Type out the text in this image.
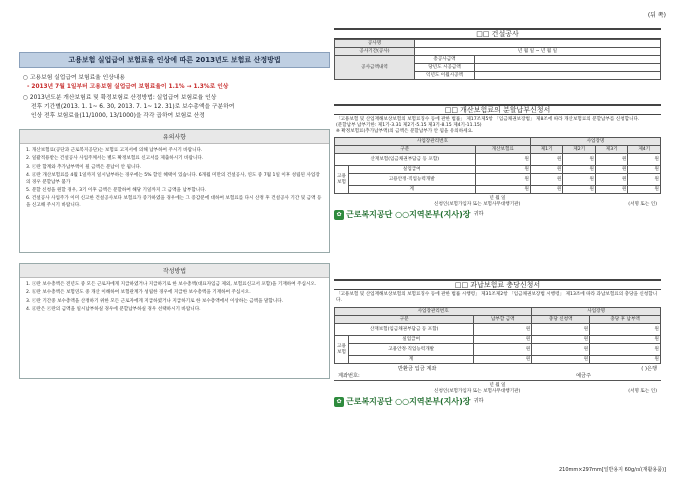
(뒤 쪽)
고용보험 실업급여 보험료율 인상에 따른 2013년도 보험료 산정방법
○ 고용보험 실업급여 보험료율 인상내용
- 2013년 7월 1일부터 고용보험 실업급여 보험료율이 1.1% → 1.3%로 인상
○ 2013년도분 개산보험료 및 확정보험료 산정방법: 실업급여 보험료율 인상
전후 기간별(2013. 1. 1~ 6. 30, 2013. 7. 1~ 12. 31)로 보수총액을 구분하여
인상 전후 보험료율(11/1000, 13/1000)을 각각 곱하여 보험료 산정
유의사항
1. 개산보험료(공단과 근로복지공단)는 보험료 고지서에 의해 납부하여 주시기 바랍니다.
2. 일괄적용받는 건설공사 사업주께서는 별도 확정보험료 신고서를 제출하시기 바랍니다.
3. ⓒ란 합계와 추가납부액이 될 금액은 분납이 안 됩니다.
4. ⓓ란 개산보험료를 4월 1일까지 일시납부하는 경우에는 5% 할인 혜택이 있습니다. 6개월 미만의 건설공사, 연도 중 7월 1일 이후 성립된 사업장의 경우 분할납부 불가
5. 분할 신청을 원할 경우, 3기 이후 금액은 분할하여 해당 기일까지 그 금액을 납부합니다.
6. 건설공사 사업주가 이미 신고한 건설공사보다 보험료가 증가하였을 경우에는 그 증감분에 대하여 보험료를 다시 산정 후 건설공사 기간 및 금액 등을 신고해 주시기 바랍니다.
작성방법
1. ⓐ란 보수총액은 전년도 중 모든 근로자에게 지급하였거나 지급하기로 한 보수총액(대표자임금 제외, 보험료신고서 포함)을 기재하여 주십시오.
2. ⓑ란 보수총액은 보험연도 중 개산 이해하여 보험관계가 성립한 경우에 지급한 보수총액을 기재하여 주십시오.
3. ⓒ란 기간중 보수총액을 산정하기 위한 모든 근로자에게 지급하였거나 지급하기로 한 보수총액에서 이상하는 금액을 말합니다.
4. ⓓ란은 ⓔ란의 금액을 일시납부하실 경우에 분할납부하실 경우 선택하시기 바랍니다.
□□ 건설공사
공사명		
공사기간(공사)	년 월 일 ~ 년 월 일	
공사금액내역	총공사금액	
	당년도 시공금액	
	익년도 이월시공액	
□□ 개산보험료의 분할납부신청서
「고용보험 및 산업재해보상보험의 보험료징수 등에 관한 법률」 제17조제5항 「임금채권보장법」 제8조에 따라 개산보험료의 분할납부를 신청합니다.
(분할납부 납부기한: 제1기-3.31 제2기-5.15 제3기-8.15 제4기-11.15)
※ 확정보험료(추가납부액)의 금액은 분할납부가 안 됨을 유의하세요.
사업장관리번호			사업장명			
구분		개산보험료	제1기	제2기	제3기	제4기
산재보험(임금채권부담금 등 포함)		원	원	원	원	원
고용보험	실업급여	원	원	원	원	원
	고용안정·직업능력개발	원	원	원	원	원
	계	원	원	원	원	원
년 월 일
신청인(보험가입자 또는 보험사무대행기관)	(서명 또는 인)
✿ 근로복지공단 ○○지역본부(지사)장 귀하
□□ 과납보험료 충당신청서
「고용보험 및 산업재해보상보험의 보험료징수 등에 관한 법률 시행령」 제31조제2항 「임금채권보장법 시행령」 제13조에 따라 과납보험료의 충당을 신청합니다.
사업장관리번호			사업장명	
구분		납부할 금액	충당 신청액	충당 후 납부액
산재보험(임금채권부담금 등 포함)		원	원	원
고용보험	실업급여	원	원	원
	고용안정·직업능력개발	원	원	원
	계	원	원	원
반환금 입금 계좌	( )은행
계좌번호:	예금주
년 월 일
신청인(보험가입자 또는 보험사무대행기관)	(서명 또는 인)
✿ 근로복지공단 ○○지역본부(지사)장 귀하
210mm×297mm[일반용지 60g/㎡(재활용품)]
